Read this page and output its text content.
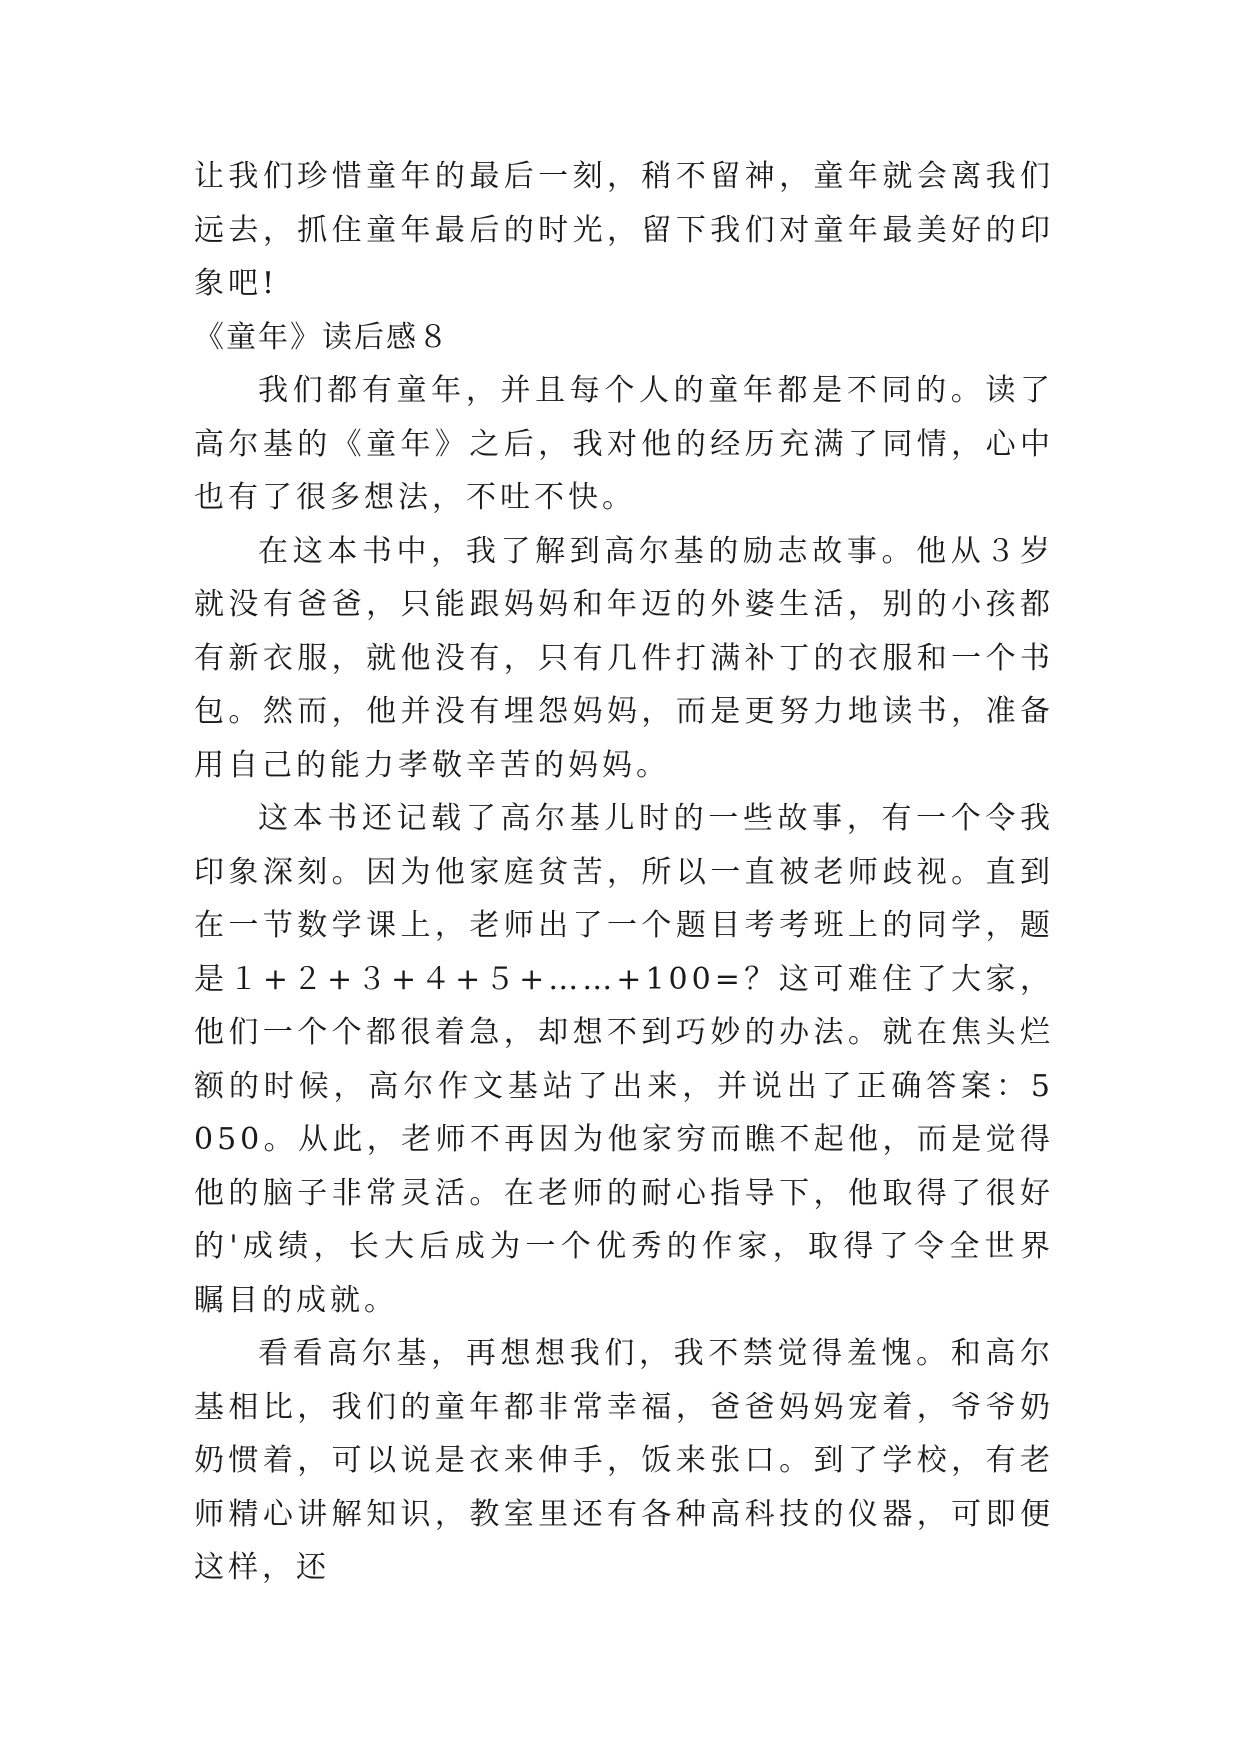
让我们珍惜童年的最后一刻，稍不留神，童年就会离我们远去，抓住童年最后的时光，留下我们对童年最美好的印象吧!

《童年》读后感８

我们都有童年，并且每个人的童年都是不同的。读了高尔基的《童年》之后，我对他的经历充满了同情，心中也有了很多想法，不吐不快。

在这本书中，我了解到高尔基的励志故事。他从３岁就没有爸爸，只能跟妈妈和年迈的外婆生活，别的小孩都有新衣服，就他没有，只有几件打满补丁的衣服和一个书包。然而，他并没有埋怨妈妈，而是更努力地读书，准备用自己的能力孝敬辛苦的妈妈。

这本书还记载了高尔基儿时的一些故事，有一个令我印象深刻。因为他家庭贫苦，所以一直被老师歧视。直到在一节数学课上，老师出了一个题目考考班上的同学，题是１+２+３+４+５+……+100=？这可难住了大家，他们一个个都很着急，却想不到巧妙的办法。就在焦头烂额的时候，高尔作文基站了出来，并说出了正确答案：5050。从此，老师不再因为他家穷而瞧不起他，而是觉得他的脑子非常灵活。在老师的耐心指导下，他取得了很好的'成绩，长大后成为一个优秀的作家，取得了令全世界瞩目的成就。

看看高尔基，再想想我们，我不禁觉得羞愧。和高尔基相比，我们的童年都非常幸福，爸爸妈妈宠着，爷爷奶奶惯着，可以说是衣来伸手，饭来张口。到了学校，有老师精心讲解知识，教室里还有各种高科技的仪器，可即便这样，还
